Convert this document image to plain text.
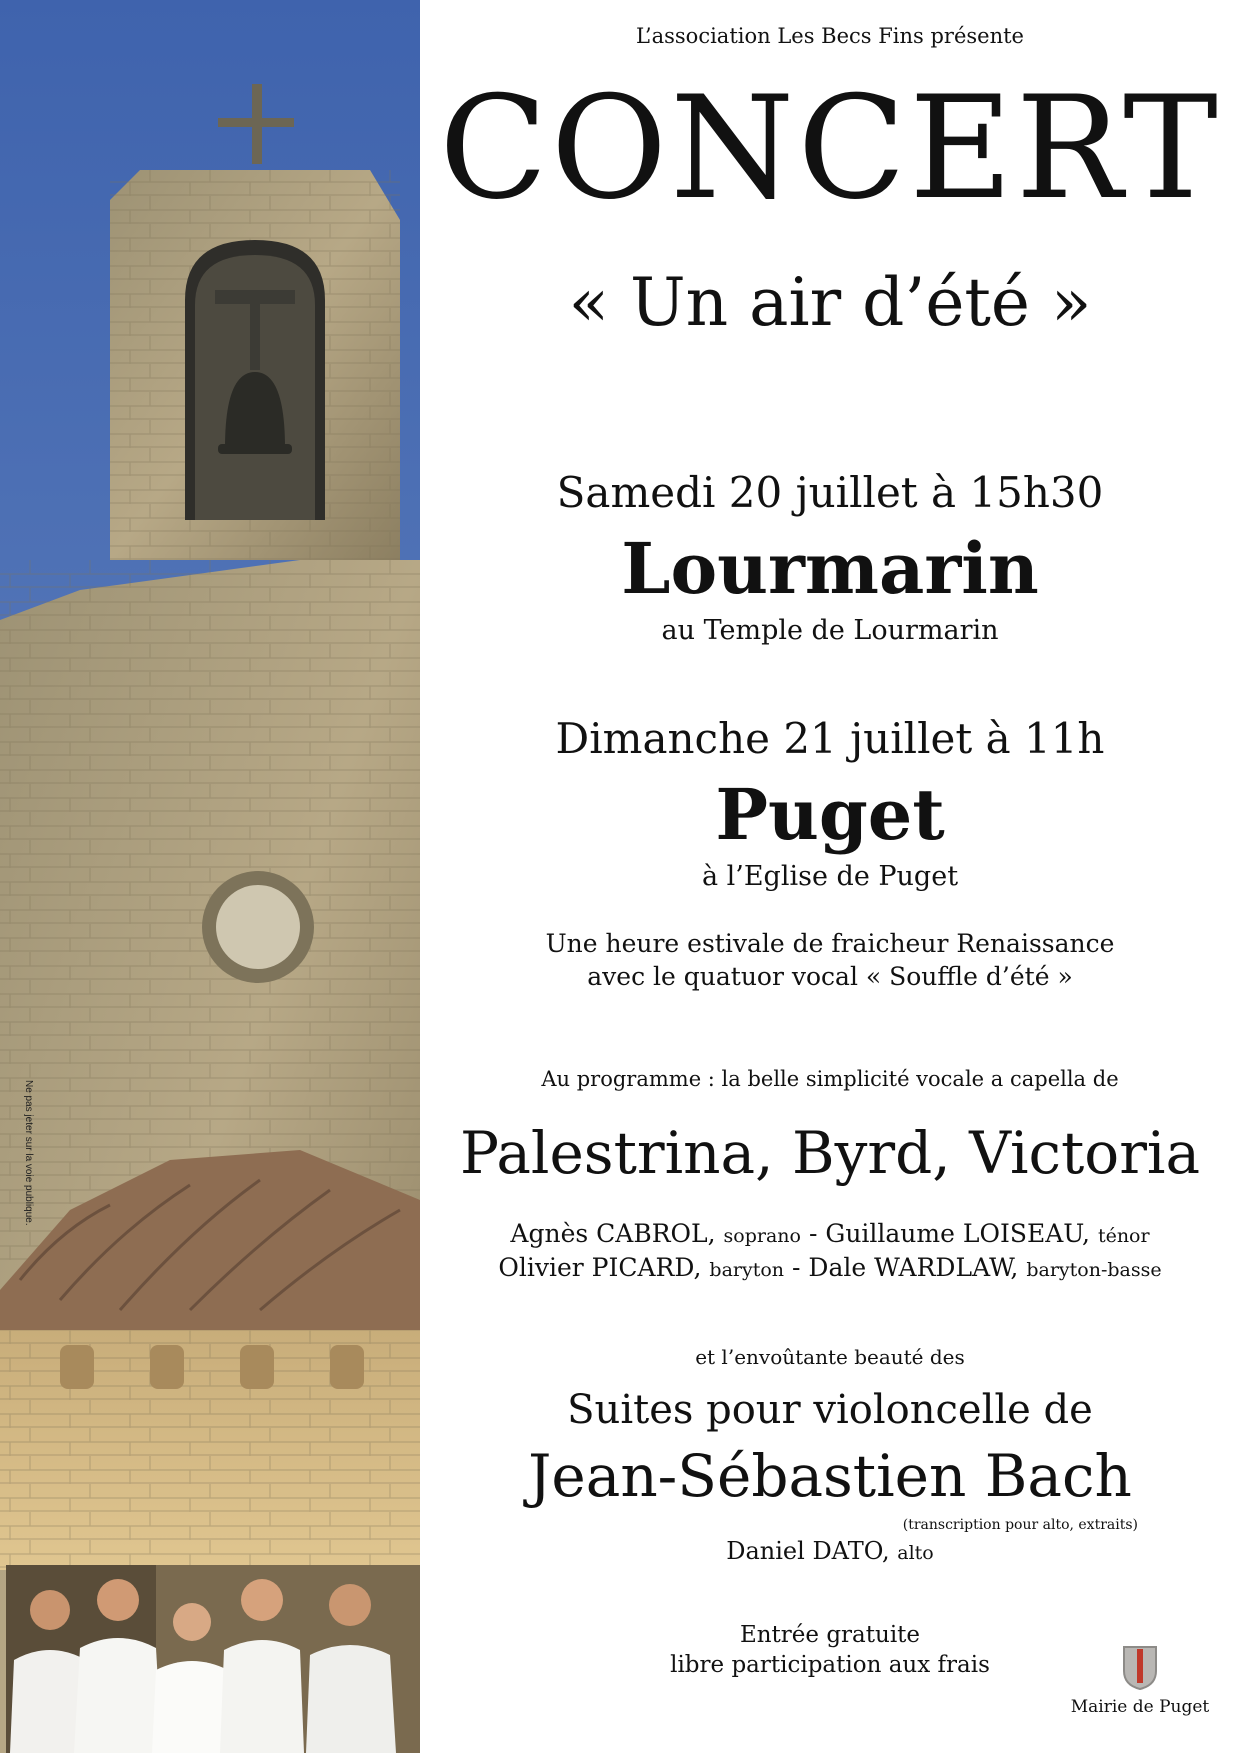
Ne pas jeter sur la voie publique.
L’association Les Becs Fins présente
CONCERT
« Un air d’été »
Samedi 20 juillet à 15h30
Lourmarin
au Temple de Lourmarin
Dimanche 21 juillet à 11h
Puget
à l’Eglise de Puget
Une heure estivale de fraicheur Renaissance
avec le quatuor vocal « Souffle d’été »
Au programme : la belle simplicité vocale a capella de
Palestrina, Byrd, Victoria
Agnès CABROL, soprano - Guillaume LOISEAU, ténor
Olivier PICARD, baryton - Dale WARDLAW, baryton-basse
et l’envoûtante beauté des
Suites pour violoncelle de
Jean-Sébastien Bach
(transcription pour alto, extraits)
Daniel DATO, alto
Entrée gratuite
libre participation aux frais
Mairie de Puget
